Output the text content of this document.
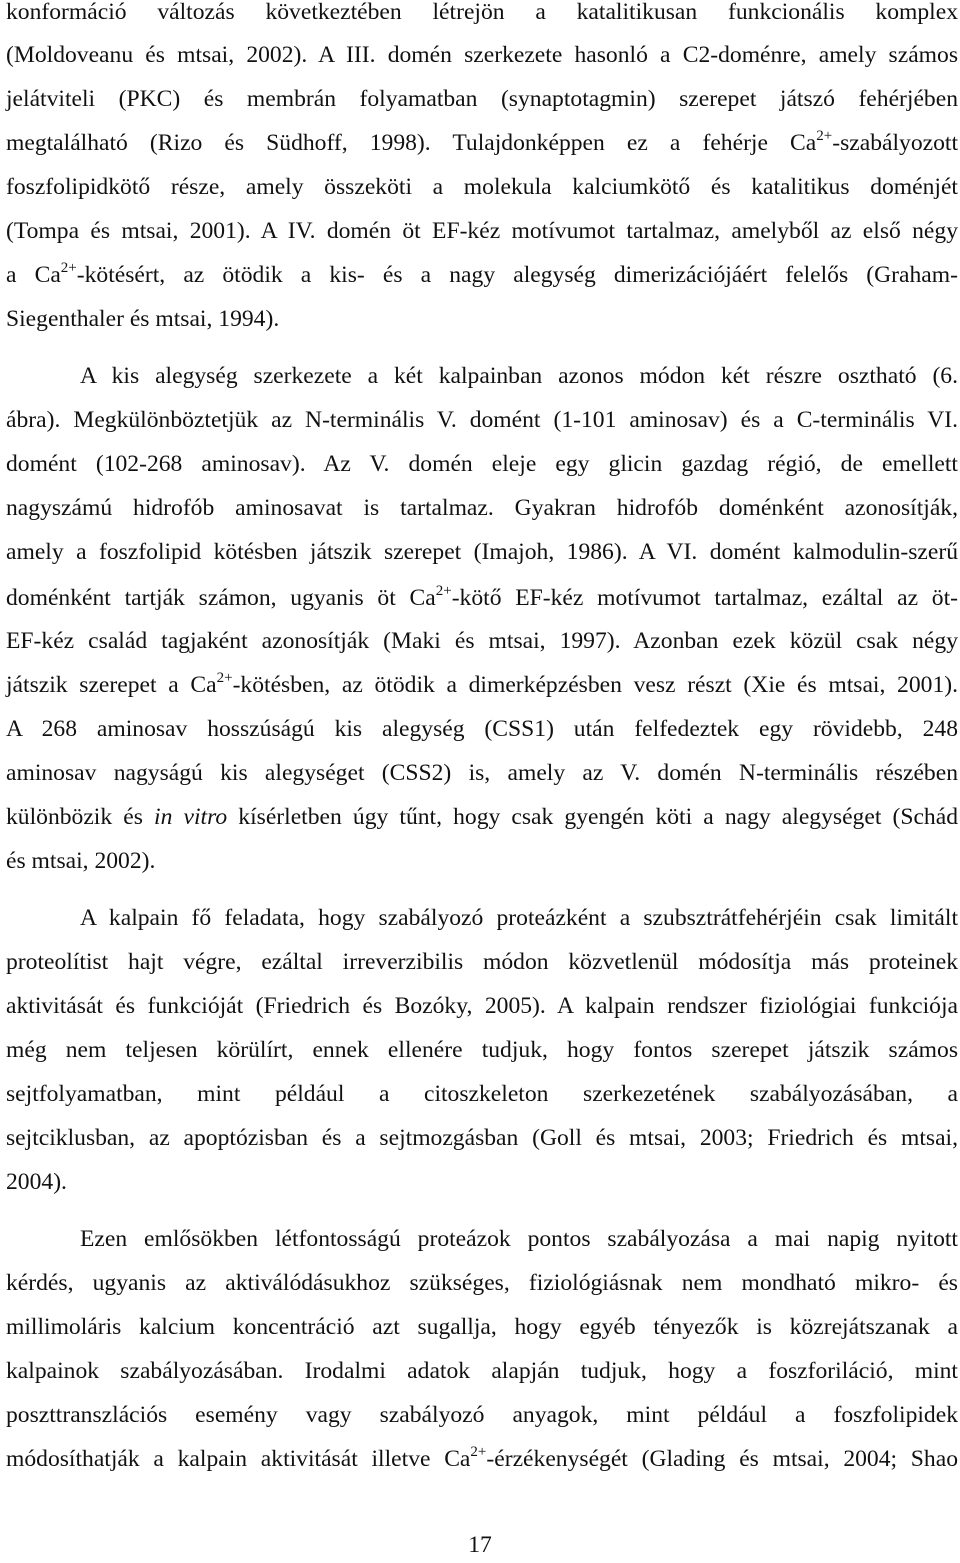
konformáció változás következtében létrejön a katalitikusan funkcionális komplex
(Moldoveanu és mtsai, 2002). A III. domén szerkezete hasonló a C2-doménre, amely számos
jelátviteli (PKC) és membrán folyamatban (synaptotagmin) szerepet játszó fehérjében
megtalálható (Rizo és Südhoff, 1998). Tulajdonképpen ez a fehérje $Ca^{2+}$-szabályozott
foszfolipidkötő része, amely összeköti a molekula kalciumkötő és katalitikus doménjét
(Tompa és mtsai, 2001). A IV. domén öt EF-kéz motívumot tartalmaz, amelyből az első négy
a $Ca^{2+}$-kötésért, az ötödik a kis- és a nagy alegység dimerizációjáért felelős (Graham-
Siegenthaler és mtsai, 1994).
A kis alegység szerkezete a két kalpainban azonos módon két részre osztható (6.
ábra). Megkülönböztetjük az N-terminális V. domént (1-101 aminosav) és a C-terminális VI.
domént (102-268 aminosav). Az V. domén eleje egy glicin gazdag régió, de emellett
nagyszámú hidrofób aminosavat is tartalmaz. Gyakran hidrofób doménként azonosítják,
amely a foszfolipid kötésben játszik szerepet (Imajoh, 1986). A VI. domént kalmodulin-szerű
doménként tartják számon, ugyanis öt $Ca^{2+}$-kötő EF-kéz motívumot tartalmaz, ezáltal az öt-
EF-kéz család tagjaként azonosítják (Maki és mtsai, 1997). Azonban ezek közül csak négy
játszik szerepet a $Ca^{2+}$-kötésben, az ötödik a dimerképzésben vesz részt (Xie és mtsai, 2001).
A 268 aminosav hosszúságú kis alegység (CSS1) után felfedeztek egy rövidebb, 248
aminosav nagyságú kis alegységet (CSS2) is, amely az V. domén N-terminális részében
különbözik és in vitro kísérletben úgy tűnt, hogy csak gyengén köti a nagy alegységet (Schád
és mtsai, 2002).
A kalpain fő feladata, hogy szabályozó proteázként a szubsztrátfehérjéin csak limitált
proteolítist hajt végre, ezáltal irreverzibilis módon közvetlenül módosítja más proteinek
aktivitását és funkcióját (Friedrich és Bozóky, 2005). A kalpain rendszer fiziológiai funkciója
még nem teljesen körülírt, ennek ellenére tudjuk, hogy fontos szerepet játszik számos
sejtfolyamatban, mint például a citoszkeleton szerkezetének szabályozásában, a
sejtciklusban, az apoptózisban és a sejtmozgásban (Goll és mtsai, 2003; Friedrich és mtsai,
2004).
Ezen emlősökben létfontosságú proteázok pontos szabályozása a mai napig nyitott
kérdés, ugyanis az aktiválódásukhoz szükséges, fiziológiásnak nem mondható mikro- és
millimoláris kalcium koncentráció azt sugallja, hogy egyéb tényezők is közrejátszanak a
kalpainok szabályozásában. Irodalmi adatok alapján tudjuk, hogy a foszforiláció, mint
poszttranszlációs esemény vagy szabályozó anyagok, mint például a foszfolipidek
módosíthatják a kalpain aktivitását illetve $Ca^{2+}$-érzékenységét (Glading és mtsai, 2004; Shao
17
